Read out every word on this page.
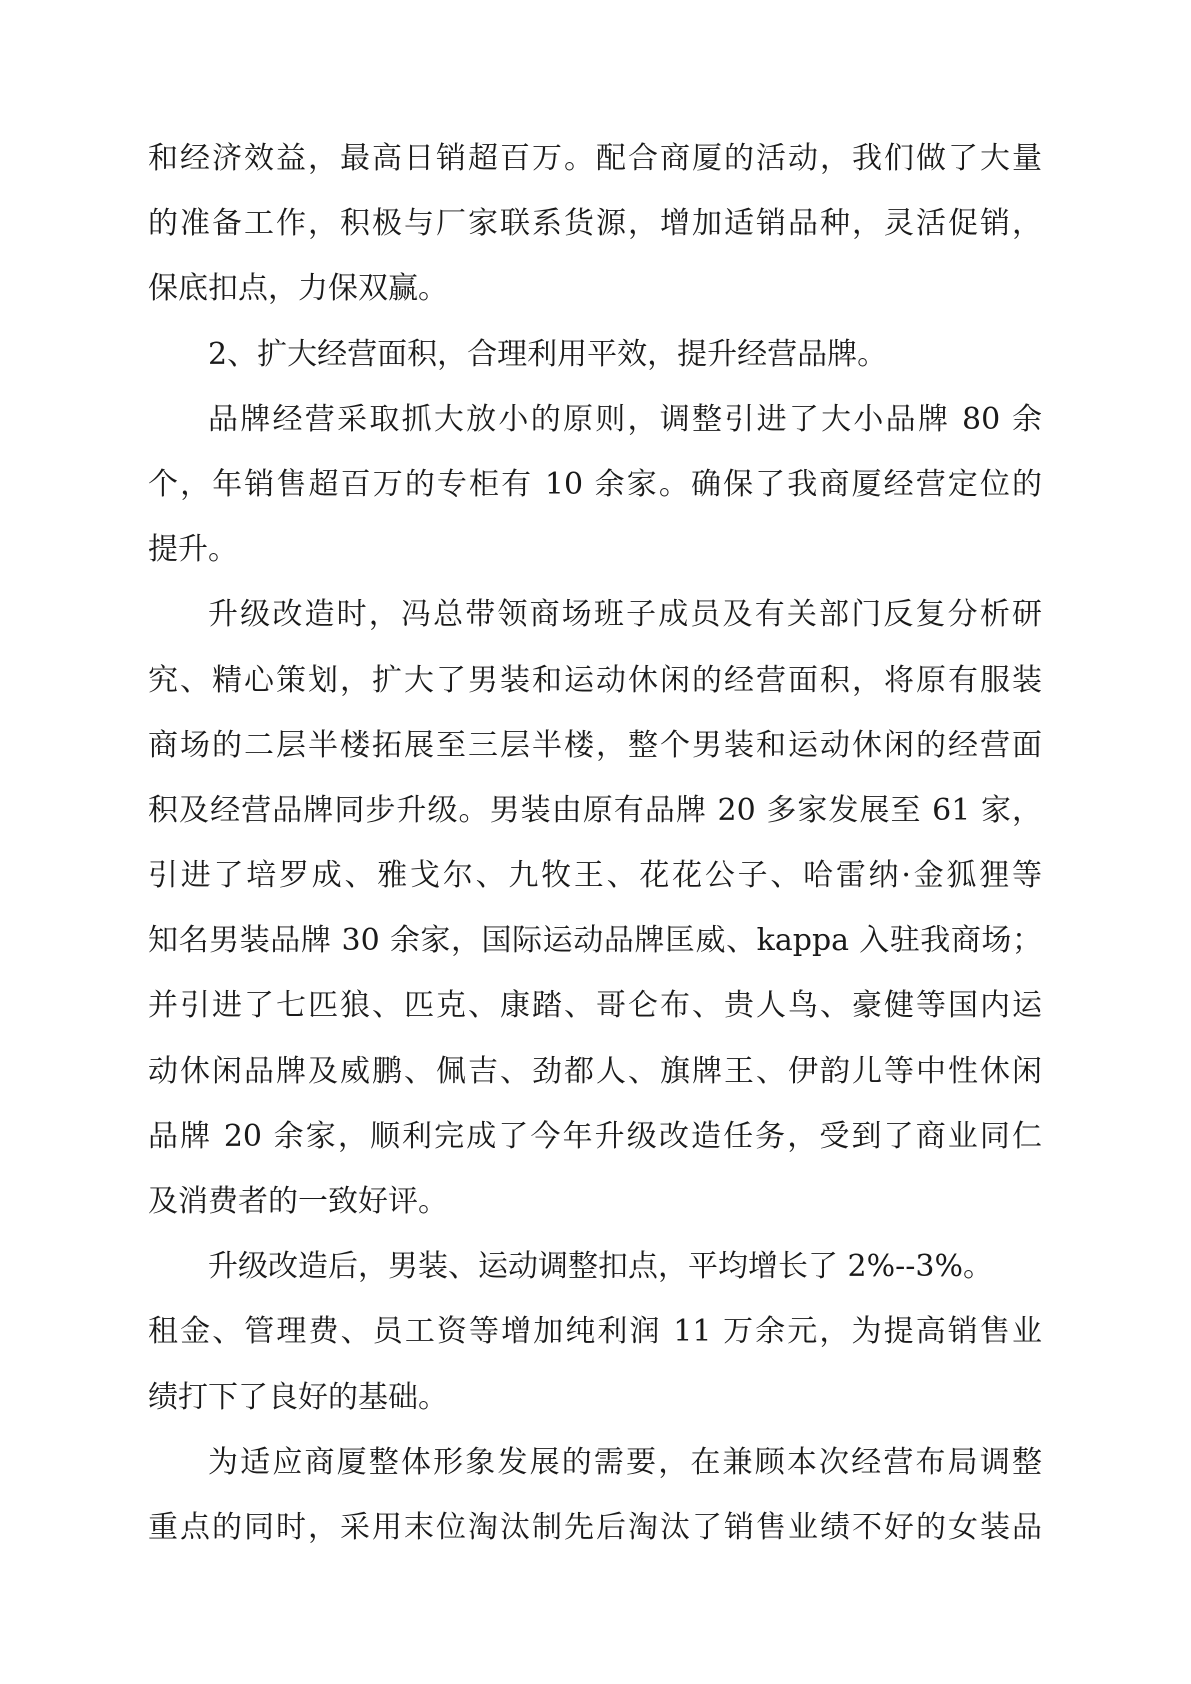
和经济效益，最高日销超百万。配合商厦的活动，我们做了大量
的准备工作，积极与厂家联系货源，增加适销品种，灵活促销，
保底扣点，力保双赢。
2、扩大经营面积，合理利用平效，提升经营品牌。
品牌经营采取抓大放小的原则，调整引进了大小品牌 80 余
个，年销售超百万的专柜有 10 余家。确保了我商厦经营定位的
提升。
升级改造时，冯总带领商场班子成员及有关部门反复分析研
究、精心策划，扩大了男装和运动休闲的经营面积，将原有服装
商场的二层半楼拓展至三层半楼，整个男装和运动休闲的经营面
积及经营品牌同步升级。男装由原有品牌 20 多家发展至 61 家，
引进了培罗成、雅戈尔、九牧王、花花公子、哈雷纳·金狐狸等
知名男装品牌 30 余家，国际运动品牌匡威、kappa 入驻我商场；
并引进了七匹狼、匹克、康踏、哥仑布、贵人鸟、豪健等国内运
动休闲品牌及威鹏、佩吉、劲都人、旗牌王、伊韵儿等中性休闲
品牌 20 余家，顺利完成了今年升级改造任务，受到了商业同仁
及消费者的一致好评。
升级改造后，男装、运动调整扣点，平均增长了 2%--3%。
租金、管理费、员工资等增加纯利润 11 万余元，为提高销售业
绩打下了良好的基础。
为适应商厦整体形象发展的需要，在兼顾本次经营布局调整
重点的同时，采用末位淘汰制先后淘汰了销售业绩不好的女装品
